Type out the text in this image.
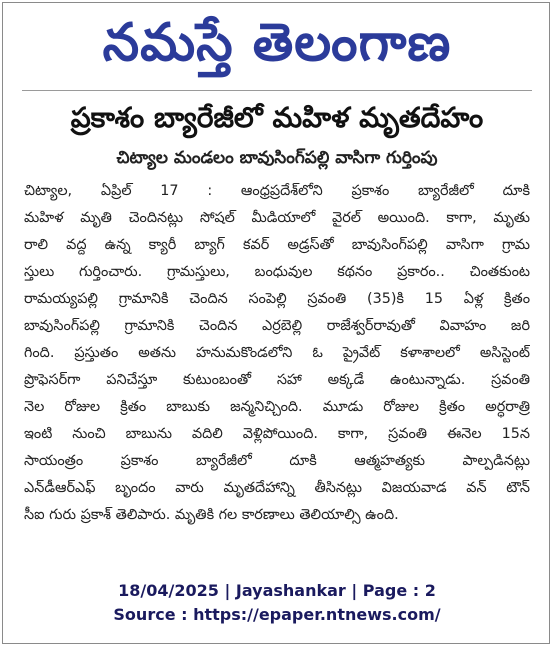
నమస్తే తెలంగాణ
ప్రకాశం బ్యారేజీలో మహిళ మృతదేహం
చిట్యాల మండలం బావుసింగ్‌పల్లి వాసిగా గుర్తింపు
చిట్యాల, ఏప్రిల్ 17 : ఆంధ్రప్రదేశ్‌లోని ప్రకాశం బ్యారేజీలో దూకి
మహిళ మృతి చెందినట్లు సోషల్ మీడియాలో వైరల్ అయింది. కాగా, మృతు
రాలి వద్ద ఉన్న క్యారీ బ్యాగ్ కవర్ అడ్రస్‌తో బావుసింగ్‌పల్లి వాసిగా గ్రామ
స్తులు గుర్తించారు. గ్రామస్తులు, బంధువుల కథనం ప్రకారం.. చింతకుంట
రామయ్యపల్లి గ్రామానికి చెందిన సంపెల్లి స్రవంతి (35)కి 15 ఏళ్ల క్రితం
బావుసింగ్‌పల్లి గ్రామానికి చెందిన ఎర్రబెల్లి రాజేశ్వర్‌రావుతో వివాహం జరి
గింది. ప్రస్తుతం అతను హనుమకొండలోని ఓ ప్రైవేట్ కళాశాలలో అసిస్టెంట్
ప్రొఫెసర్‌గా పనిచేస్తూ కుటుంబంతో సహా అక్కడే ఉంటున్నాడు. స్రవంతి
నెల రోజుల క్రితం బాబుకు జన్మనిచ్చింది. మూడు రోజుల క్రితం అర్ధరాత్రి
ఇంటి నుంచి బాబును వదిలి వెళ్లిపోయింది. కాగా, స్రవంతి ఈనెల 15న
సాయంత్రం ప్రకాశం బ్యారేజీలో దూకి ఆత్మహత్యకు పాల్పడినట్లు
ఎన్‌డీఆర్‌ఎఫ్ బృందం వారు మృతదేహాన్ని తీసినట్లు విజయవాడ వన్ టౌన్
సీఐ గురు ప్రకాశ్ తెలిపారు. మృతికి గల కారణాలు తెలియాల్సి ఉంది.
18/04/2025 | Jayashankar | Page : 2
Source : https://epaper.ntnews.com/
